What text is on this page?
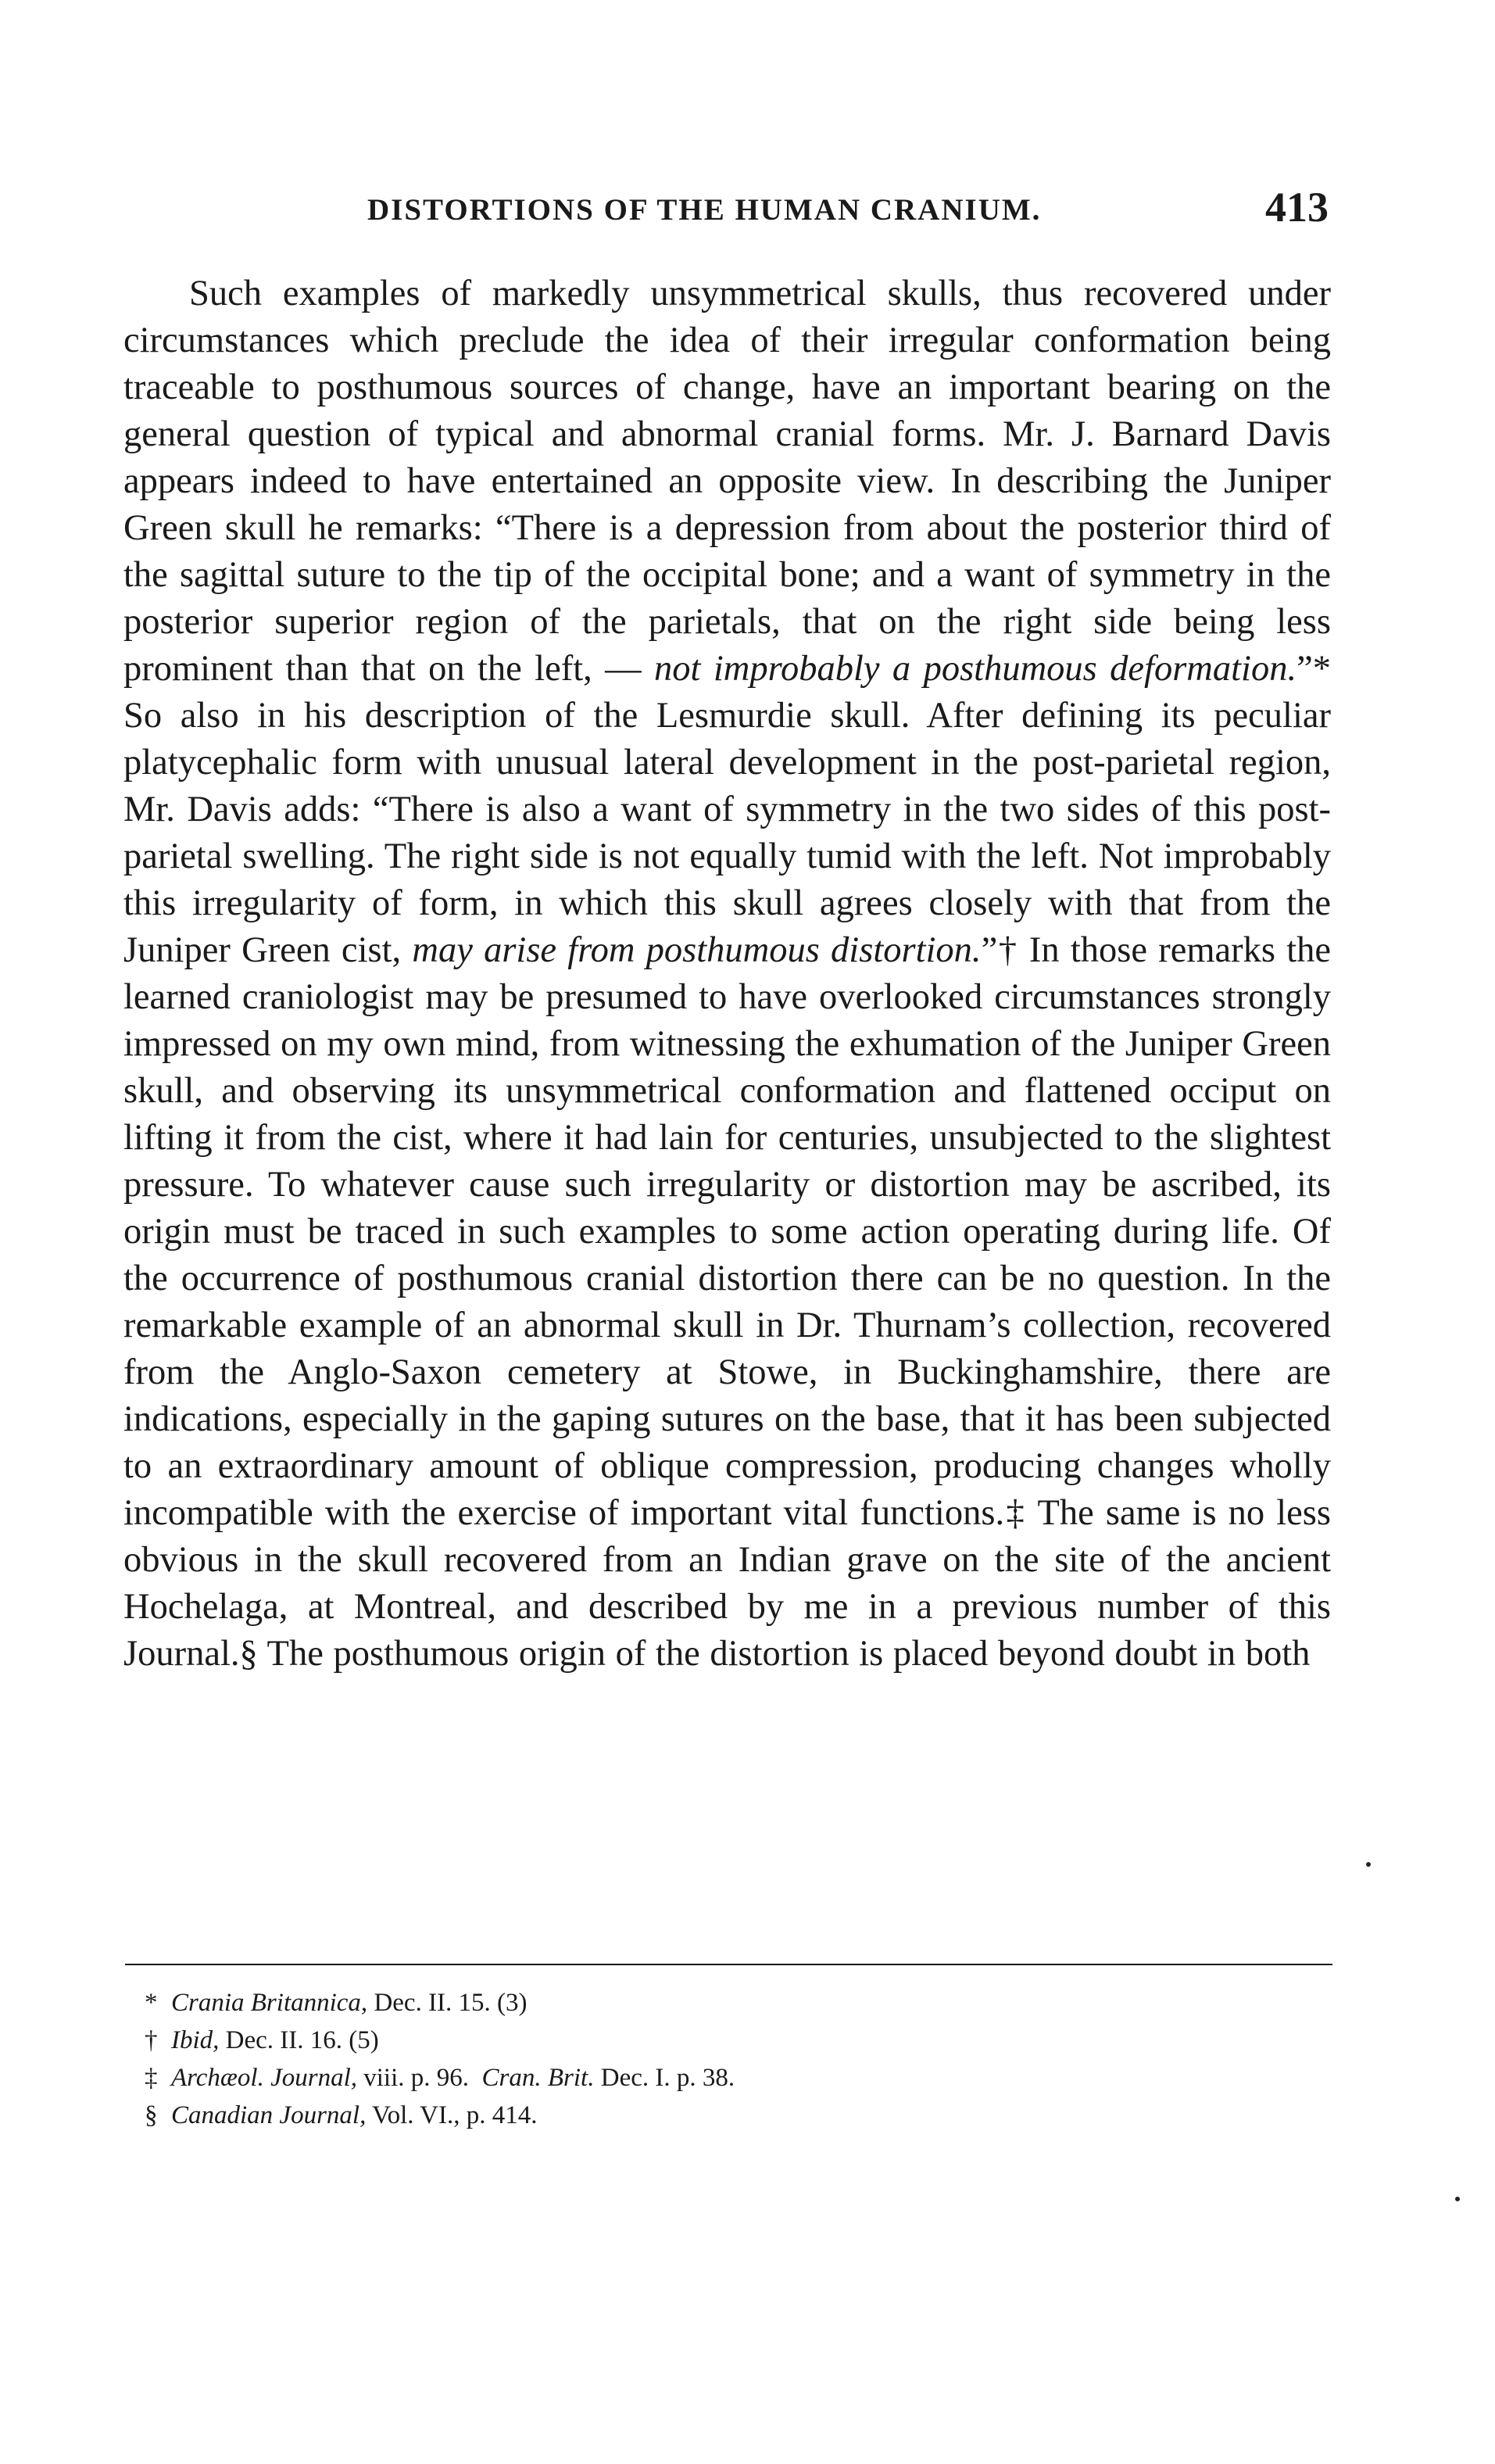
DISTORTIONS OF THE HUMAN CRANIUM.	413

Such examples of markedly unsymmetrical skulls, thus recovered under circumstances which preclude the idea of their irregular conformation being traceable to posthumous sources of change, have an important bearing on the general question of typical and abnormal cranial forms. Mr. J. Barnard Davis appears indeed to have entertained an opposite view. In describing the Juniper Green skull he remarks: “There is a depression from about the posterior third of the sagittal suture to the tip of the occipital bone; and a want of symmetry in the posterior superior region of the parietals, that on the right side being less prominent than that on the left, — not improbably a posthumous deformation.”* So also in his description of the Lesmurdie skull. After defining its peculiar platycephalic form with unusual lateral development in the post-parietal region, Mr. Davis adds: “There is also a want of symmetry in the two sides of this post-parietal swelling. The right side is not equally tumid with the left. Not improbably this irregularity of form, in which this skull agrees closely with that from the Juniper Green cist, may arise from posthumous distortion.”† In those remarks the learned craniologist may be presumed to have overlooked circumstances strongly impressed on my own mind, from witnessing the exhumation of the Juniper Green skull, and observing its unsymmetrical conformation and flattened occiput on lifting it from the cist, where it had lain for centuries, unsubjected to the slightest pressure. To whatever cause such irregularity or distortion may be ascribed, its origin must be traced in such examples to some action operating during life. Of the occurrence of posthumous cranial distortion there can be no question. In the remarkable example of an abnormal skull in Dr. Thurnam’s collection, recovered from the Anglo-Saxon cemetery at Stowe, in Buckinghamshire, there are indications, especially in the gaping sutures on the base, that it has been subjected to an extraordinary amount of oblique compression, producing changes wholly incompatible with the exercise of important vital functions.‡ The same is no less obvious in the skull recovered from an Indian grave on the site of the ancient Hochelaga, at Montreal, and described by me in a previous number of this Journal.§ The posthumous origin of the distortion is placed beyond doubt in both

* Crania Britannica, Dec. II. 15. (3)
† Ibid, Dec. II. 16. (5)
‡ Archæol. Journal, viii. p. 96.  Cran. Brit. Dec. I. p. 38.
§ Canadian Journal, Vol. VI., p. 414.
